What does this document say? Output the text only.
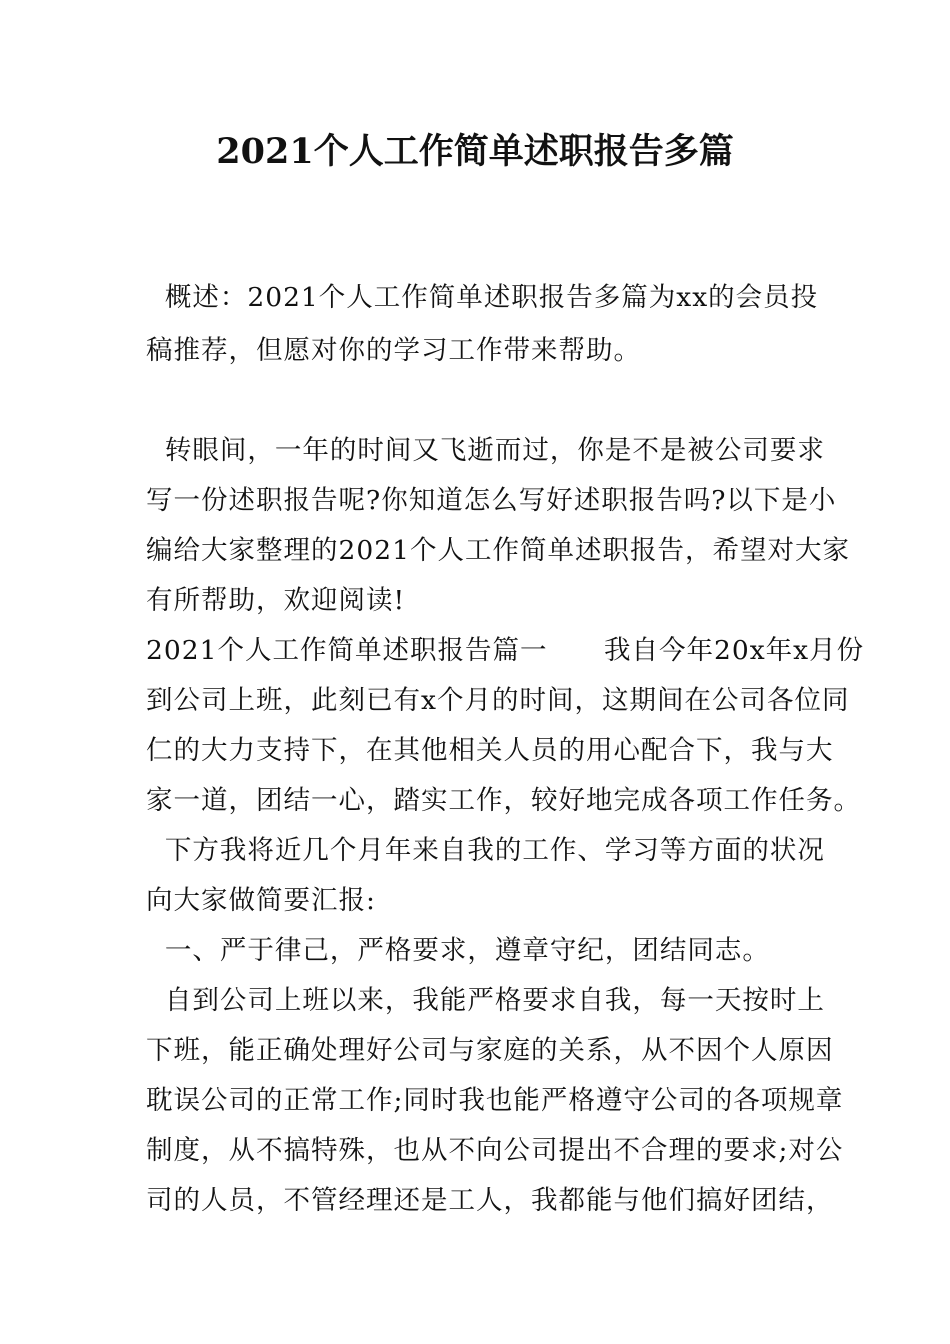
2021个人工作简单述职报告多篇
概述：2021个人工作简单述职报告多篇为xx的会员投
稿推荐，但愿对你的学习工作带来帮助。
转眼间，一年的时间又飞逝而过，你是不是被公司要求
写一份述职报告呢?你知道怎么写好述职报告吗?以下是小
编给大家整理的2021个人工作简单述职报告，希望对大家
有所帮助，欢迎阅读!
2021个人工作简单述职报告篇一      我自今年20x年x月份
到公司上班，此刻已有x个月的时间，这期间在公司各位同
仁的大力支持下，在其他相关人员的用心配合下，我与大
家一道，团结一心，踏实工作，较好地完成各项工作任务。
下方我将近几个月年来自我的工作、学习等方面的状况
向大家做简要汇报:
一、严于律己，严格要求，遵章守纪，团结同志。
自到公司上班以来，我能严格要求自我，每一天按时上
下班，能正确处理好公司与家庭的关系，从不因个人原因
耽误公司的正常工作;同时我也能严格遵守公司的各项规章
制度，从不搞特殊，也从不向公司提出不合理的要求;对公
司的人员，不管经理还是工人，我都能与他们搞好团结，
